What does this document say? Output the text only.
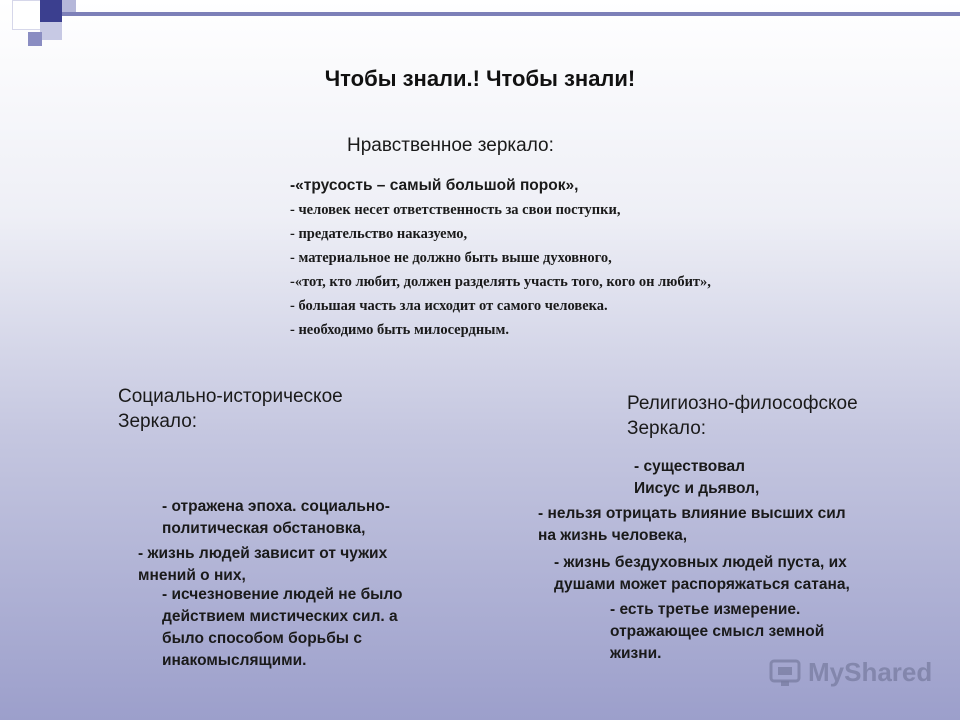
Чтобы знали.! Чтобы знали!
Нравственное зеркало:
-«трусость – самый большой порок»,
- человек несет ответственность за свои поступки,
- предательство наказуемо,
- материальное не должно быть выше духовного,
-«тот, кто любит, должен разделять участь того, кого он любит»,
- большая часть зла исходит от самого человека.
- необходимо быть милосердным.
Социально-историческое
Зеркало:
- отражена эпоха. социально-
политическая обстановка,
- жизнь людей зависит от чужих
мнений о них,
- исчезновение людей не было
действием мистических сил. а
было способом борьбы с
инакомыслящими.
Религиозно-философское
Зеркало:
- существовал
Иисус и дьявол,
- нельзя отрицать влияние высших сил
на жизнь человека,
- жизнь бездуховных людей пуста, их
душами может распоряжаться сатана,
- есть третье измерение.
отражающее смысл земной
жизни.
MyShared
